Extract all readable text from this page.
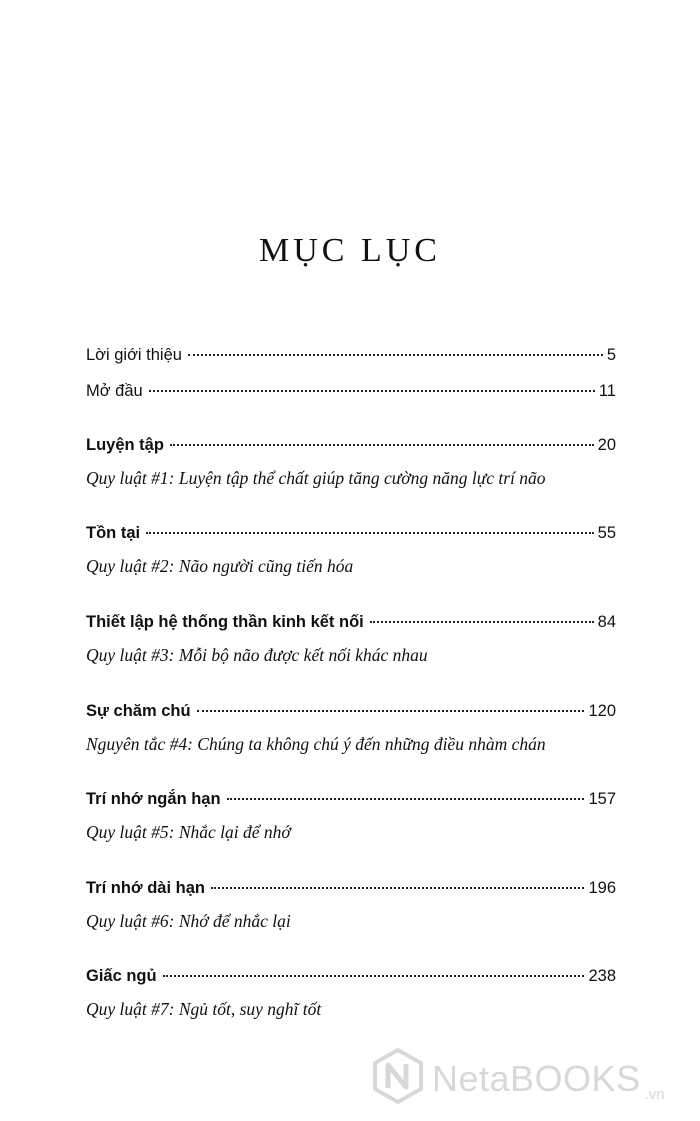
MỤC LỤC
Lời giới thiệu	5
Mở đầu	11
Luyện tập	20
Quy luật #1: Luyện tập thể chất giúp tăng cường năng lực trí não
Tồn tại	55
Quy luật #2: Não người cũng tiến hóa
Thiết lập hệ thống thần kinh kết nối	84
Quy luật #3: Mỗi bộ não được kết nối khác nhau
Sự chăm chú	120
Nguyên tắc #4: Chúng ta không chú ý đến những điều nhàm chán
Trí nhớ ngắn hạn	157
Quy luật #5: Nhắc lại để nhớ
Trí nhớ dài hạn	196
Quy luật #6: Nhớ để nhắc lại
Giấc ngủ	238
Quy luật #7: Ngủ tốt, suy nghĩ tốt
NetaBOOKS .vn
